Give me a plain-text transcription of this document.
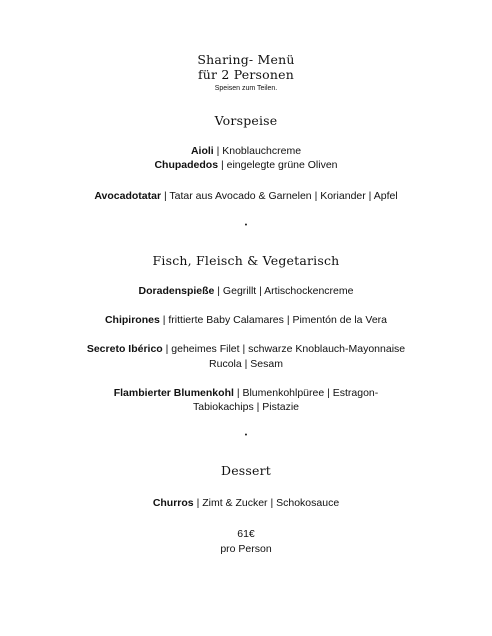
Sharing- Menü
für 2 Personen
Speisen zum Teilen.
Vorspeise
Aioli | Knoblauchcreme
Chupadedos | eingelegte grüne Oliven
Avocadotatar | Tatar aus Avocado & Garnelen | Koriander | Apfel
•
Fisch, Fleisch & Vegetarisch
Doradenspieße | Gegrillt | Artischockencreme
Chipirones | frittierte Baby Calamares | Pimentón de la Vera
Secreto Ibérico | geheimes Filet | schwarze Knoblauch-Mayonnaise
Rucola | Sesam
Flambierter Blumenkohl | Blumenkohlpüree | Estragon-
Tabiokachips | Pistazie
•
Dessert
Churros | Zimt & Zucker | Schokosauce
61€
pro Person
